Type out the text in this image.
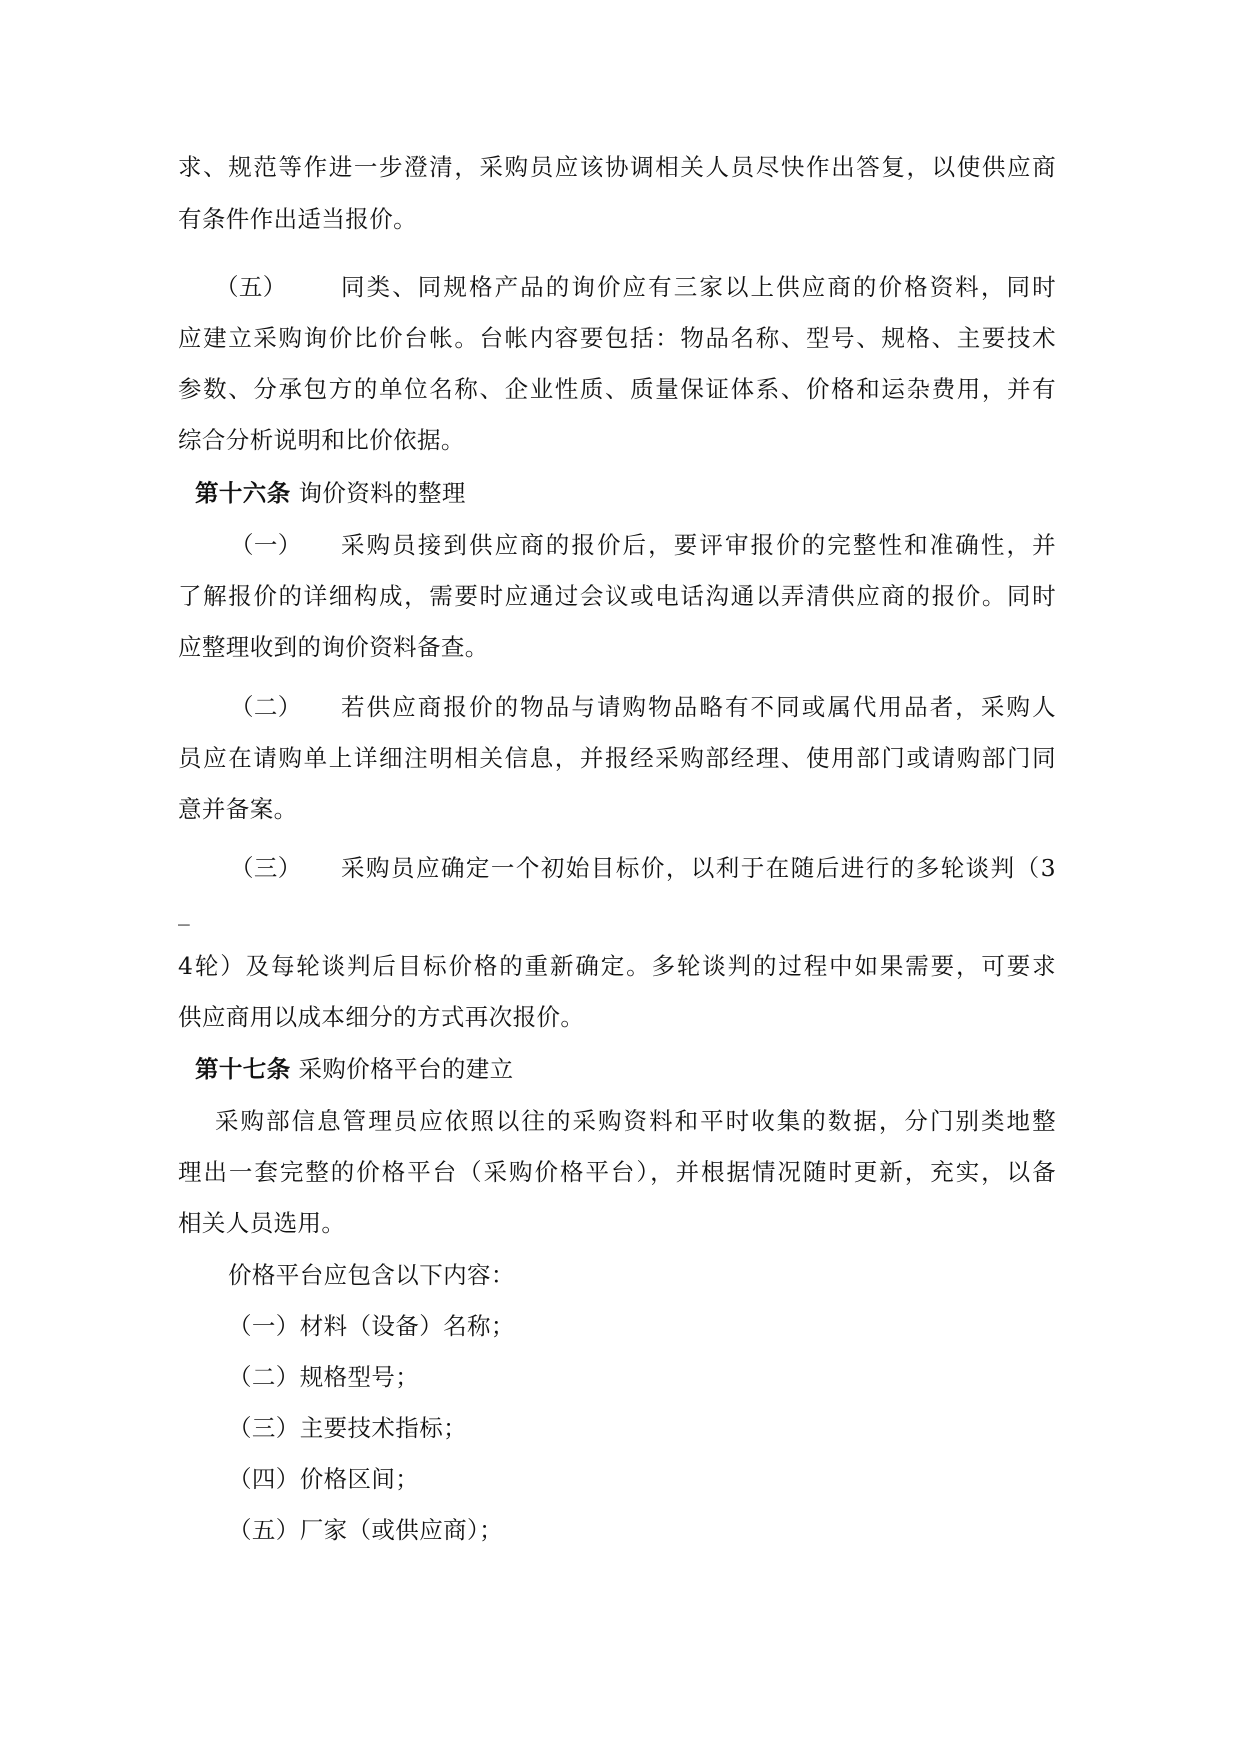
求、规范等作进一步澄清，采购员应该协调相关人员尽快作出答复，以使供应商
有条件作出适当报价。
（五） 同类、同规格产品的询价应有三家以上供应商的价格资料，同时
应建立采购询价比价台帐。台帐内容要包括：物品名称、型号、规格、主要技术
参数、分承包方的单位名称、企业性质、质量保证体系、价格和运杂费用，并有
综合分析说明和比价依据。
第十六条 询价资料的整理
（一） 采购员接到供应商的报价后，要评审报价的完整性和准确性，并
了解报价的详细构成，需要时应通过会议或电话沟通以弄清供应商的报价。同时
应整理收到的询价资料备查。
（二） 若供应商报价的物品与请购物品略有不同或属代用品者，采购人
员应在请购单上详细注明相关信息，并报经采购部经理、使用部门或请购部门同
意并备案。
（三） 采购员应确定一个初始目标价，以利于在随后进行的多轮谈判（3
_
4轮）及每轮谈判后目标价格的重新确定。多轮谈判的过程中如果需要，可要求
供应商用以成本细分的方式再次报价。
第十七条 采购价格平台的建立
采购部信息管理员应依照以往的采购资料和平时收集的数据，分门别类地整
理出一套完整的价格平台（采购价格平台），并根据情况随时更新，充实，以备
相关人员选用。
价格平台应包含以下内容：
（一）材料（设备）名称；
（二）规格型号；
（三）主要技术指标；
（四）价格区间；
（五）厂家（或供应商）；
